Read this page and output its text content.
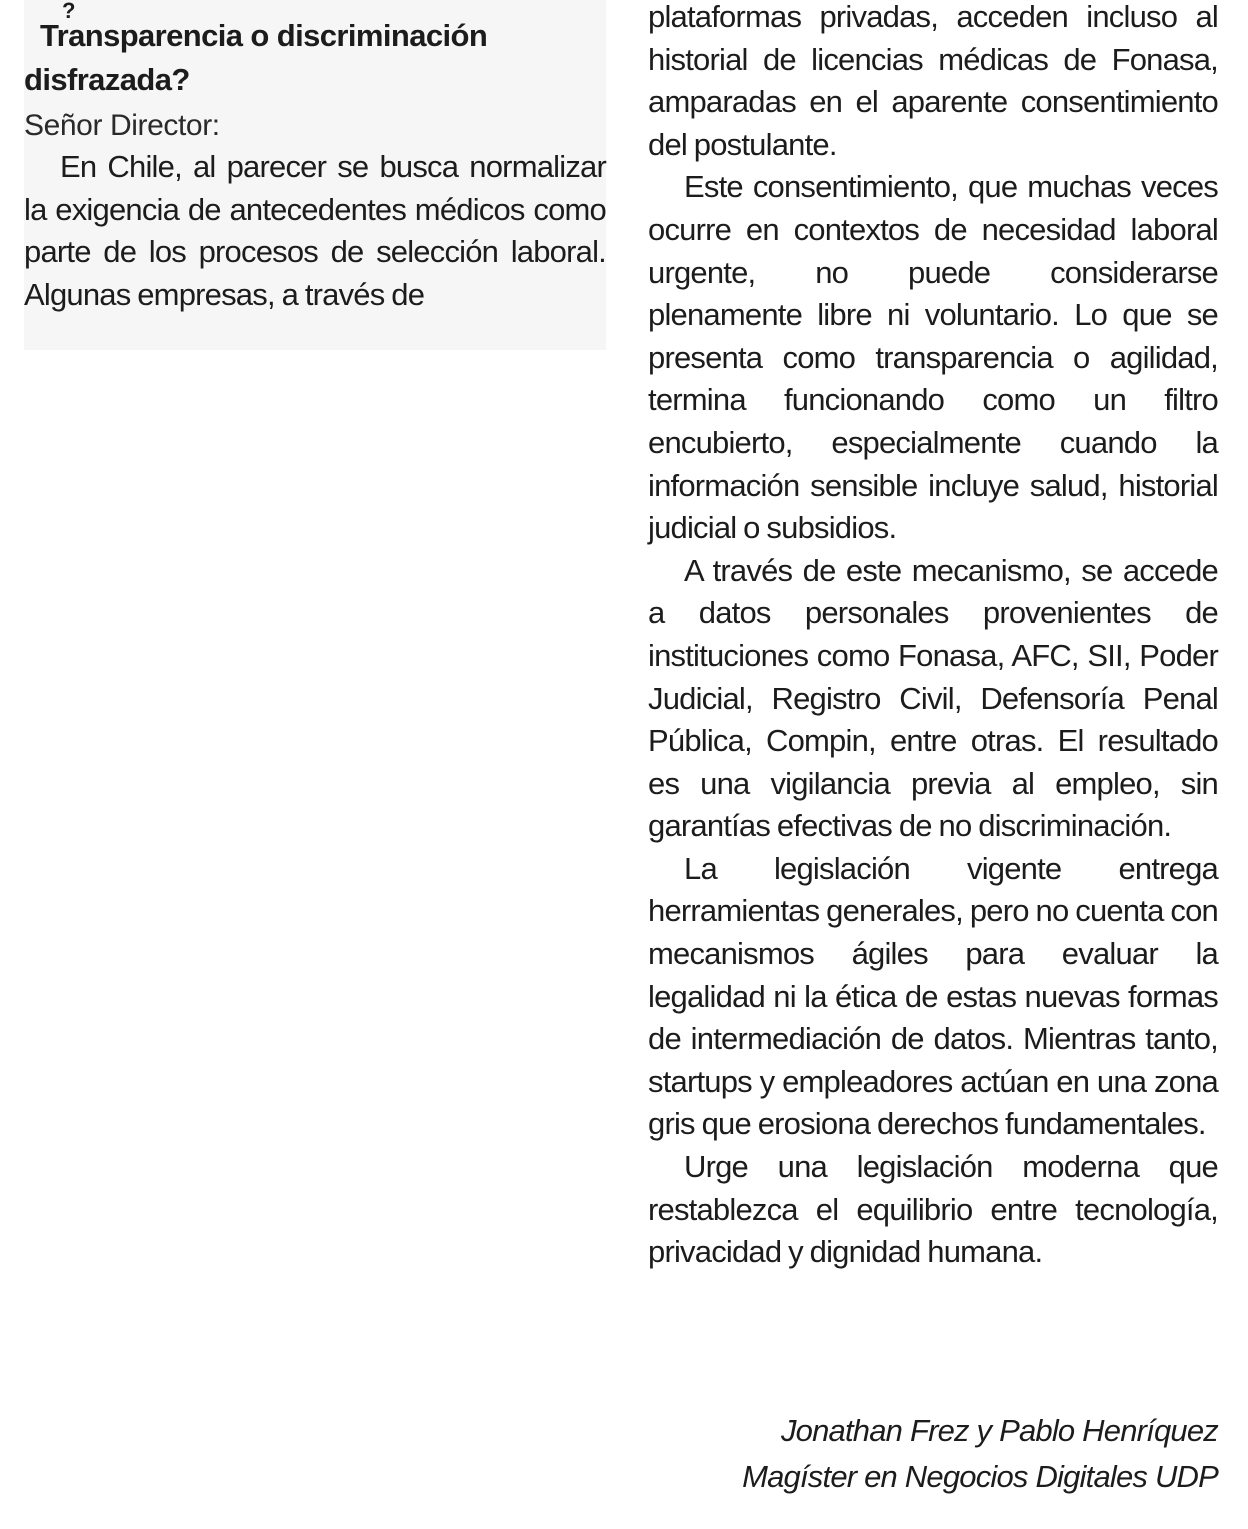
?
Transparencia o discriminación disfrazada?

Señor Director:

En Chile, al parecer se busca normalizar la exigencia de antecedentes médicos como parte de los procesos de selección laboral. Algunas empresas, a través de

plataformas privadas, acceden incluso al historial de licencias médicas de Fonasa, amparadas en el aparente consentimiento del postulante.

Este consentimiento, que muchas veces ocurre en contextos de necesidad laboral urgente, no puede considerarse plenamente libre ni voluntario. Lo que se presenta como transparencia o agilidad, termina funcionando como un filtro encubierto, especialmente cuando la información sensible incluye salud, historial judicial o subsidios.

A través de este mecanismo, se accede a datos personales provenientes de instituciones como Fonasa, AFC, SII, Poder Judicial, Registro Civil, Defensoría Penal Pública, Compin, entre otras. El resultado es una vigilancia previa al empleo, sin garantías efectivas de no discriminación.

La legislación vigente entrega herramientas generales, pero no cuenta con mecanismos ágiles para evaluar la legalidad ni la ética de estas nuevas formas de intermediación de datos. Mientras tanto, startups y empleadores actúan en una zona gris que erosiona derechos fundamentales.

Urge una legislación moderna que restablezca el equilibrio entre tecnología, privacidad y dignidad humana.

Jonathan Frez y Pablo Henríquez
Magíster en Negocios Digitales UDP
